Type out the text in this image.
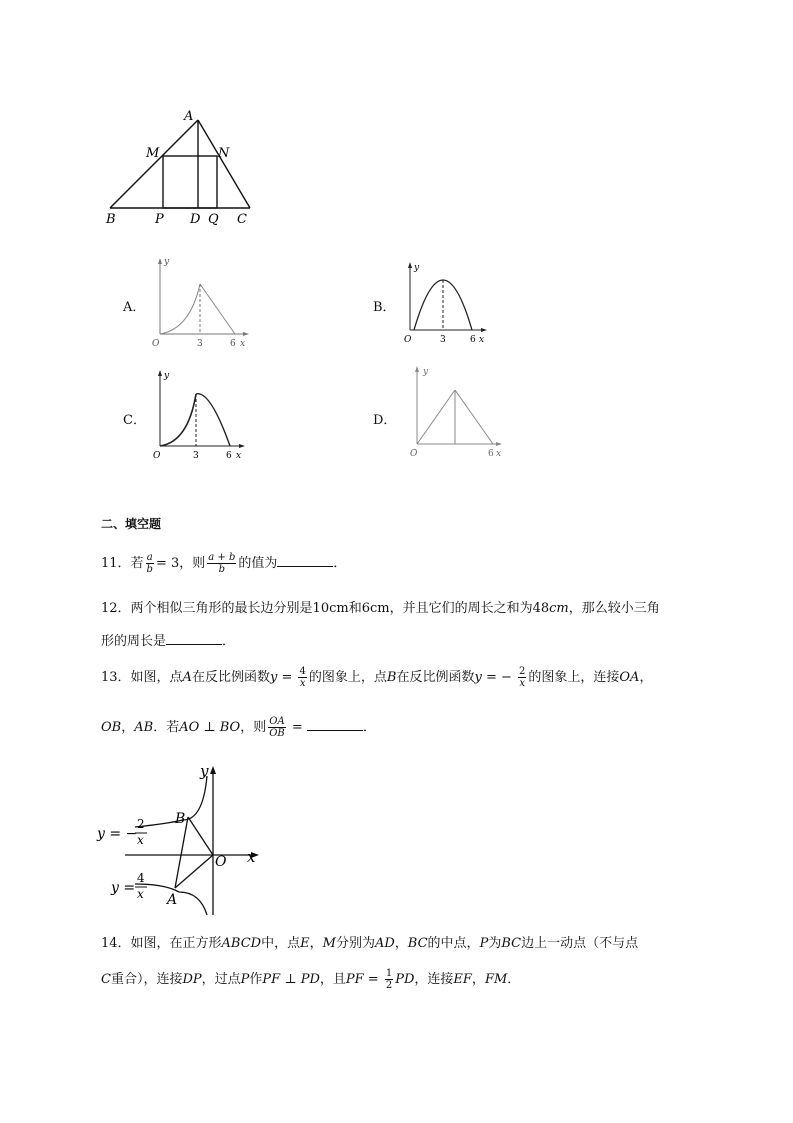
A
M	N
B	P D Q C
A．
y
O	3	6 x
B．
y
O	3	6 x
C．
y
O	3	6 x
D．
y
O	6 x
二、填空题
11．若 $\frac{a}{b} = 3$，则 $\frac{a + b}{b}$ 的值为	．
12．两个相似三角形的最长边分别是10cm和6cm，并且它们的周长之和为48cm，那么较小三角
形的周长是	．
13．如图，点A在反比例函数$y = \frac{4}{x}$ 的图象上，点B在反比例函数y = − $\frac{2}{x}$ 的图象上，连接OA，
OB，AB．若AO ⊥ BO，则 $\frac{OA}{OB}$ =	．
y
x
O
B
A
y = −
2
x
y =
4
x
14．如图，在正方形ABCD中，点E，M分别为AD，BC的中点，P为BC边上一动点（不与点
C重合），连接DP，过点P作PF ⊥ PD，且PF = $\frac{1}{2}$ PD，连接EF，FM．
